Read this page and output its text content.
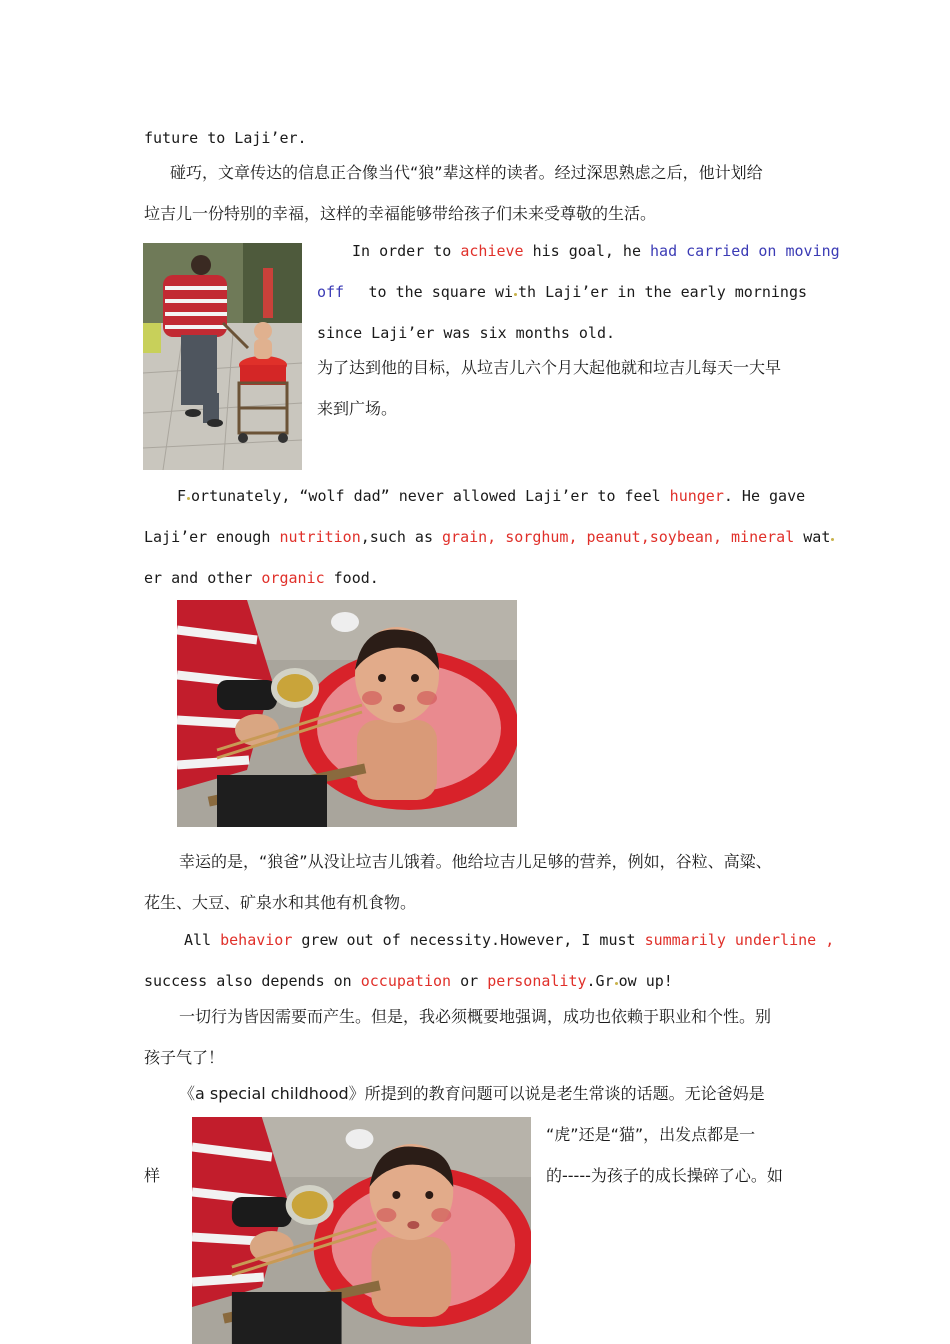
future to Laji’er.
碰巧，文章传达的信息正合像当代“狼”辈这样的读者。经过深思熟虑之后，他计划给
垃吉儿一份特别的幸福，这样的幸福能够带给孩子们未来受尊敬的生活。
In order to achieve his goal, he had carried on moving
off to the square wi th Laji’er in the early mornings
since Laji’er was six months old.
为了达到他的目标，从垃吉儿六个月大起他就和垃吉儿每天一大早
来到广场。
F ortunately, “wolf dad” never allowed Laji’er to feel hunger. He gave
Laji’er enough nutrition,such as grain, sorghum, peanut,soybean, mineral wat
er and other organic food.
幸运的是，“狼爸”从没让垃吉儿饿着。他给垃吉儿足够的营养，例如，谷粒、高粱、
花生、大豆、矿泉水和其他有机食物。
All behavior grew out of necessity.However, I must summarily underline ,
success also depends on occupation or personality.Gr ow up!
一切行为皆因需要而产生。但是，我必须概要地强调，成功也依赖于职业和个性。别
孩子气了！
《a special childhood》所提到的教育问题可以说是老生常谈的话题。无论爸妈是
“虎”还是“猫”，出发点都是一
样	的-----为孩子的成长操碎了心。如
